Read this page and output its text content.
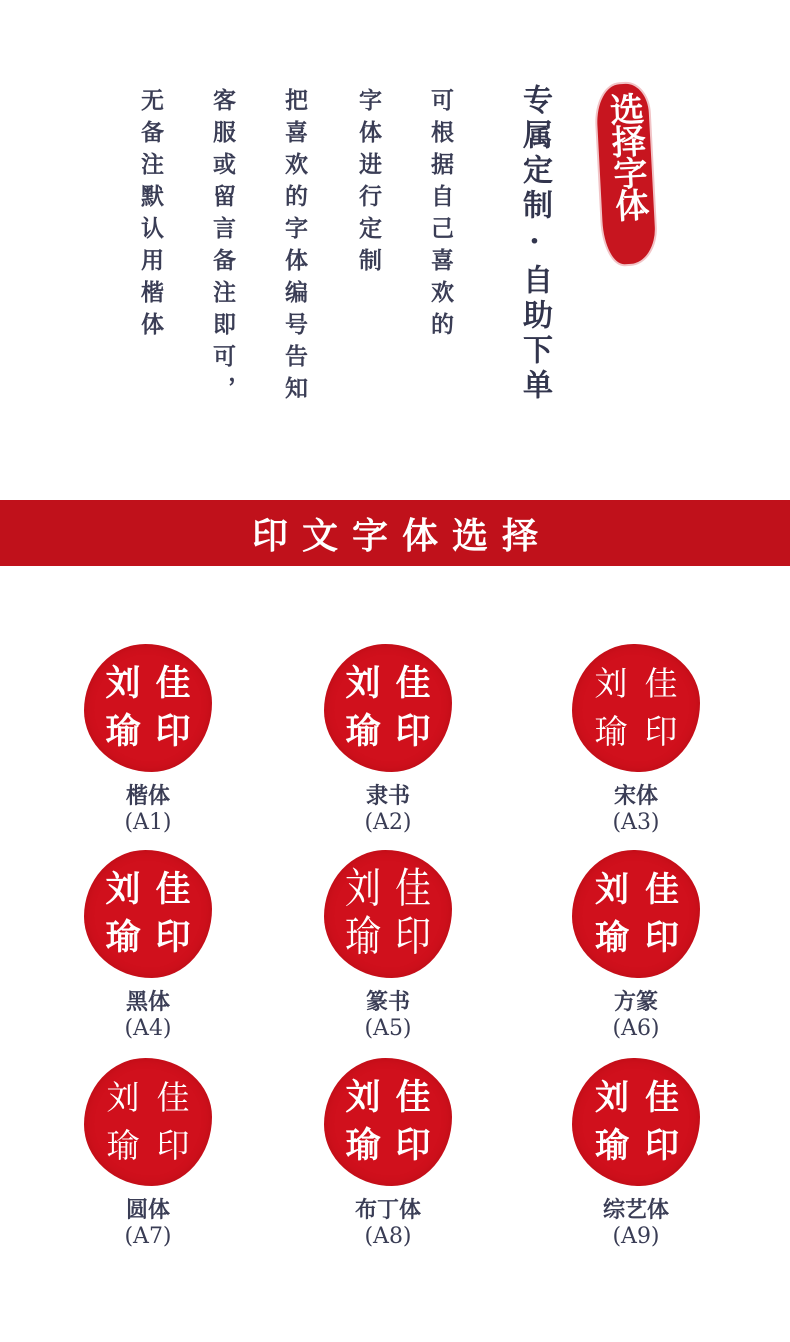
专属定制·自助下单
可根据自己喜欢的
字体进行定制
把喜欢的字体编号告知
客服或留言备注即可，
无备注默认用楷体	选择字体
印文字体选择
刘 佳
瑜 印
楷体
(A1)
刘 佳
瑜 印
隶书
(A2)
刘 佳
瑜 印
宋体
(A3)
刘 佳
瑜 印
黑体
(A4)
刘 佳
瑜 印
篆书
(A5)
刘 佳
瑜 印
方篆
(A6)
刘 佳
瑜 印
圆体
(A7)
刘 佳
瑜 印
布丁体
(A8)
刘 佳
瑜 印
综艺体
(A9)
